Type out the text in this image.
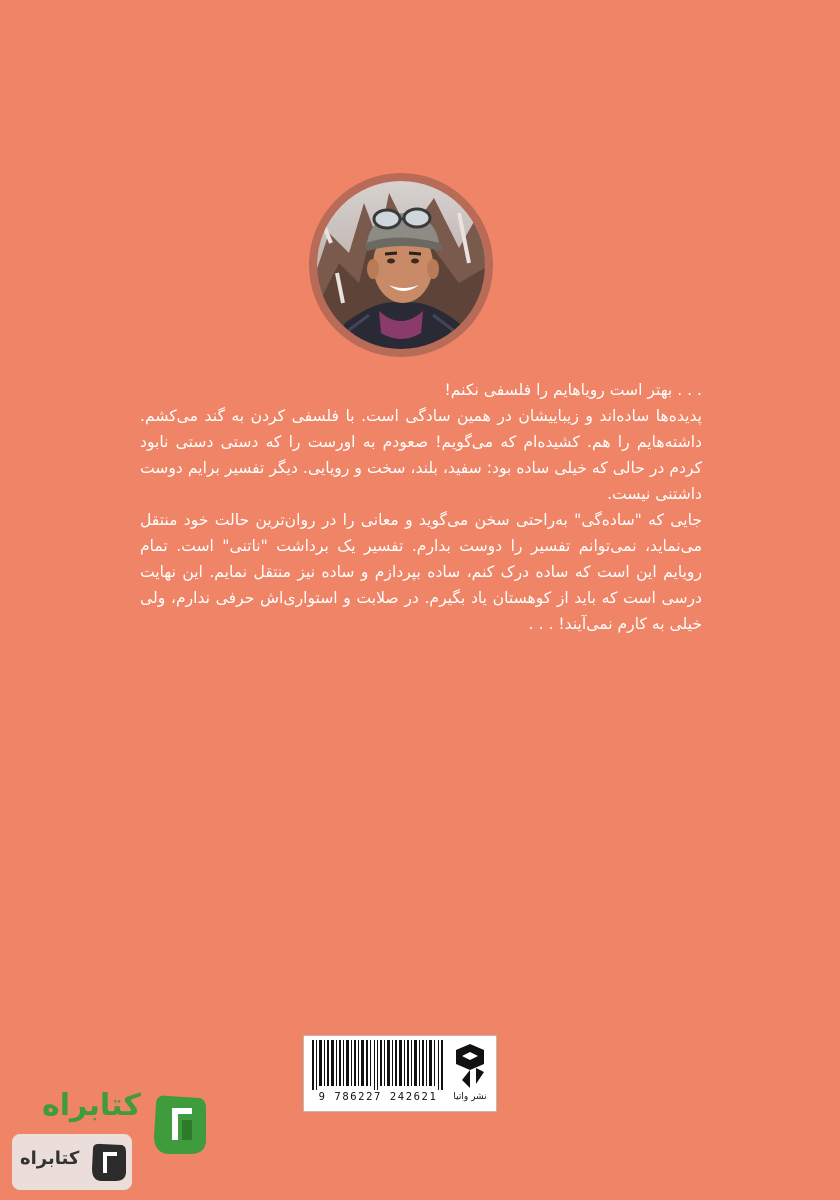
. . . بهتر است رویاهایم را فلسفی نکنم!

پدیده‌ها ساده‌اند و زیباییشان در همین سادگی است. با فلسفی کردن به گند می‌کشم. داشته‌هایم را هم. کشیده‌ام که می‌گویم! صعودم به اورست را که دستی دستی نابود کردم در حالی که خیلی ساده بود: سفید، بلند، سخت و رویایی. دیگر تفسیر برایم دوست داشتنی نیست.

جایی که "ساده‌گی" به‌راحتی سخن می‌گوید و معانی را در روان‌ترین حالت خود منتقل می‌نماید، نمی‌توانم تفسیر را دوست بدارم. تفسیر یک برداشت "ناتنی" است. تمام رویایم این است که ساده درک کنم، ساده بپردازم و ساده نیز منتقل نمایم. این نهایت درسی است که باید از کوهستان یاد بگیرم. در صلابت و استواری‌اش حرفی ندارم، ولی خیلی به کارم نمی‌آیند! . . .

9 786227 242621	نشر واتیا
کتابراه
کتابراه
